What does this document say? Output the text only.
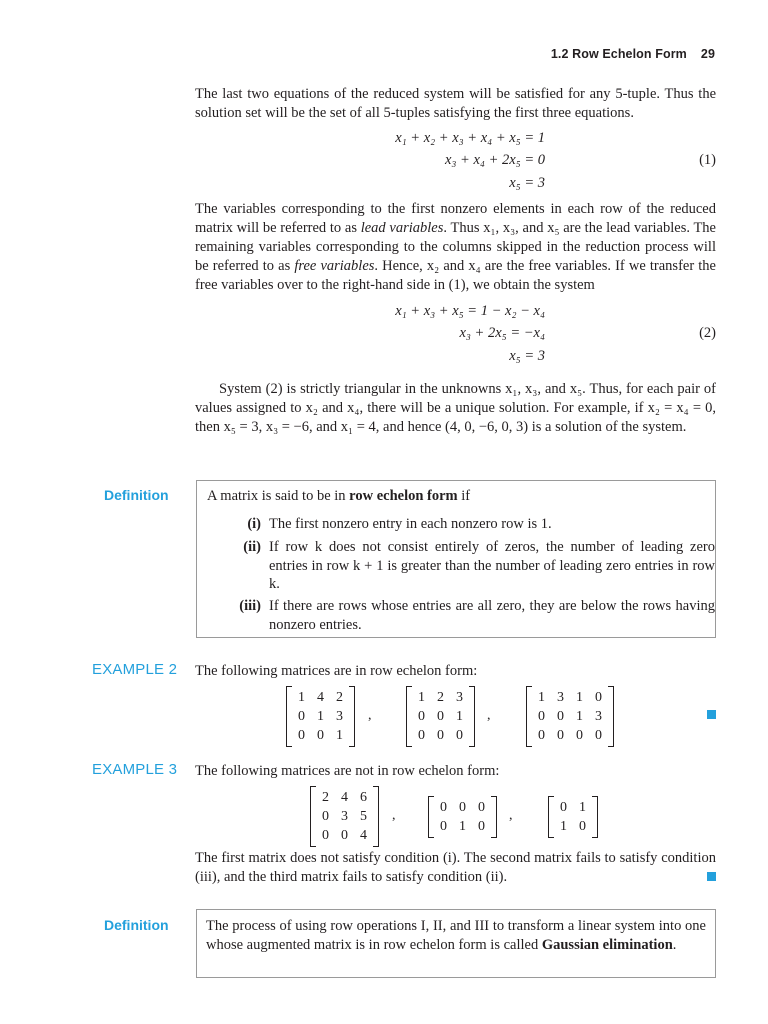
1.2 Row Echelon Form 29
The last two equations of the reduced system will be satisfied for any 5-tuple. Thus the solution set will be the set of all 5-tuples satisfying the first three equations.
x₁ + x₂ + x₃ + x₄ + x₅ = 1
x₃ + x₄ + 2x₅ = 0
x₅ = 3
(1)
The variables corresponding to the first nonzero elements in each row of the reduced matrix will be referred to as lead variables. Thus x₁, x₃, and x₅ are the lead variables. The remaining variables corresponding to the columns skipped in the reduction process will be referred to as free variables. Hence, x₂ and x₄ are the free variables. If we transfer the free variables over to the right-hand side in (1), we obtain the system
x₁ + x₃ + x₅ = 1 − x₂ − x₄
x₃ + 2x₅ = −x₄
x₅ = 3
(2)
System (2) is strictly triangular in the unknowns x₁, x₃, and x₅. Thus, for each pair of values assigned to x₂ and x₄, there will be a unique solution. For example, if x₂ = x₄ = 0, then x₅ = 3, x₃ = −6, and x₁ = 4, and hence (4, 0, −6, 0, 3) is a solution of the system.
Definition	A matrix is said to be in row echelon form if
(i) The first nonzero entry in each nonzero row is 1.
(ii) If row k does not consist entirely of zeros, the number of leading zero entries in row k + 1 is greater than the number of leading zero entries in row k.
(iii) If there are rows whose entries are all zero, they are below the rows having nonzero entries.
EXAMPLE 2 The following matrices are in row echelon form:
1 4 2
0 1 3
0 0 1
,
1 2 3
0 0 1
0 0 0
,
1 3 1 0
0 0 1 3
0 0 0 0
EXAMPLE 3 The following matrices are not in row echelon form:
2 4 6
0 3 5
0 0 4
,
0 0 0
0 1 0
,
0 1
1 0
The first matrix does not satisfy condition (i). The second matrix fails to satisfy condition (iii), and the third matrix fails to satisfy condition (ii).
Definition	The process of using row operations I, II, and III to transform a linear system into one whose augmented matrix is in row echelon form is called Gaussian elimination.
